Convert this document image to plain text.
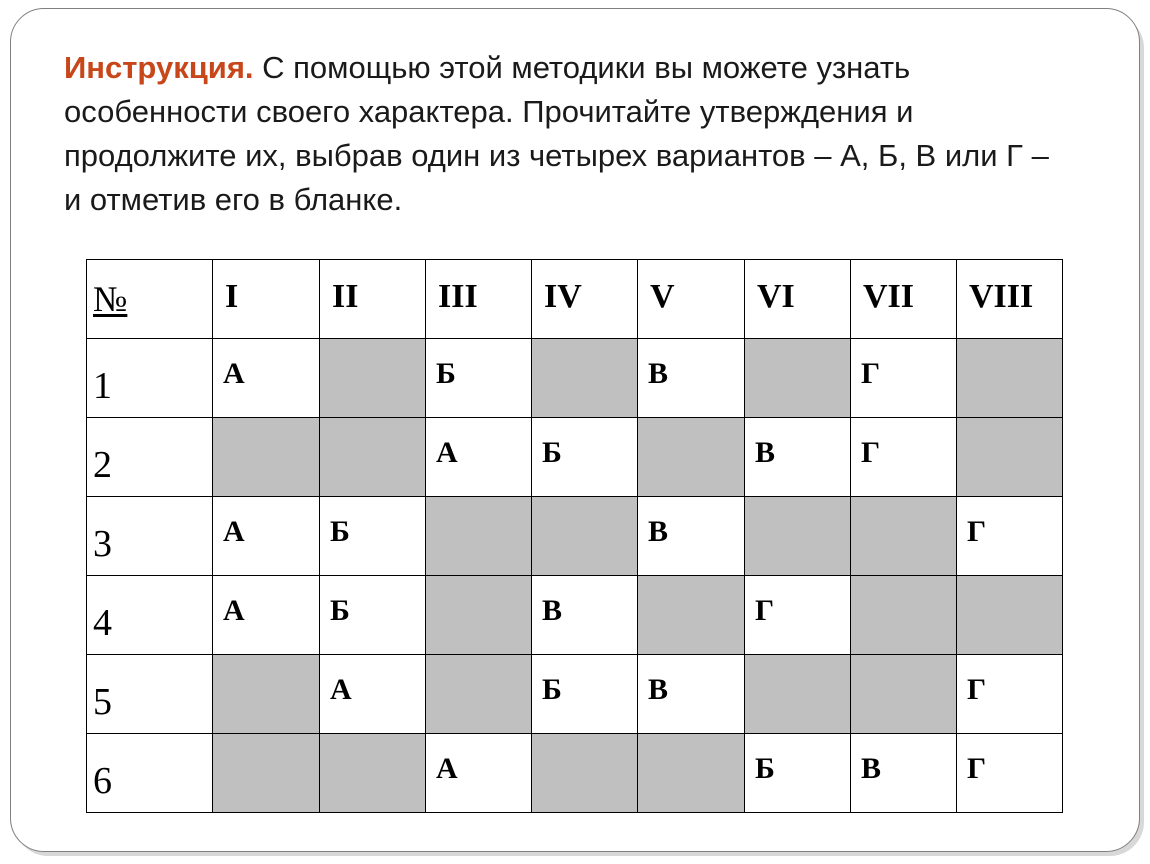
Инструкция. С помощью этой методики вы можете узнать особенности своего характера. Прочитайте утверждения и продолжите их, выбрав один из четырех вариантов – А, Б, В или Г – и отметив его в бланке.
№	I	II	III	IV	V	VI	VII	VIII
1	А		Б		В		Г	
2			А	Б		В	Г	
3	А	Б			В			Г
4	А	Б		В		Г		
5		А		Б	В			Г
6			А			Б	В	Г
